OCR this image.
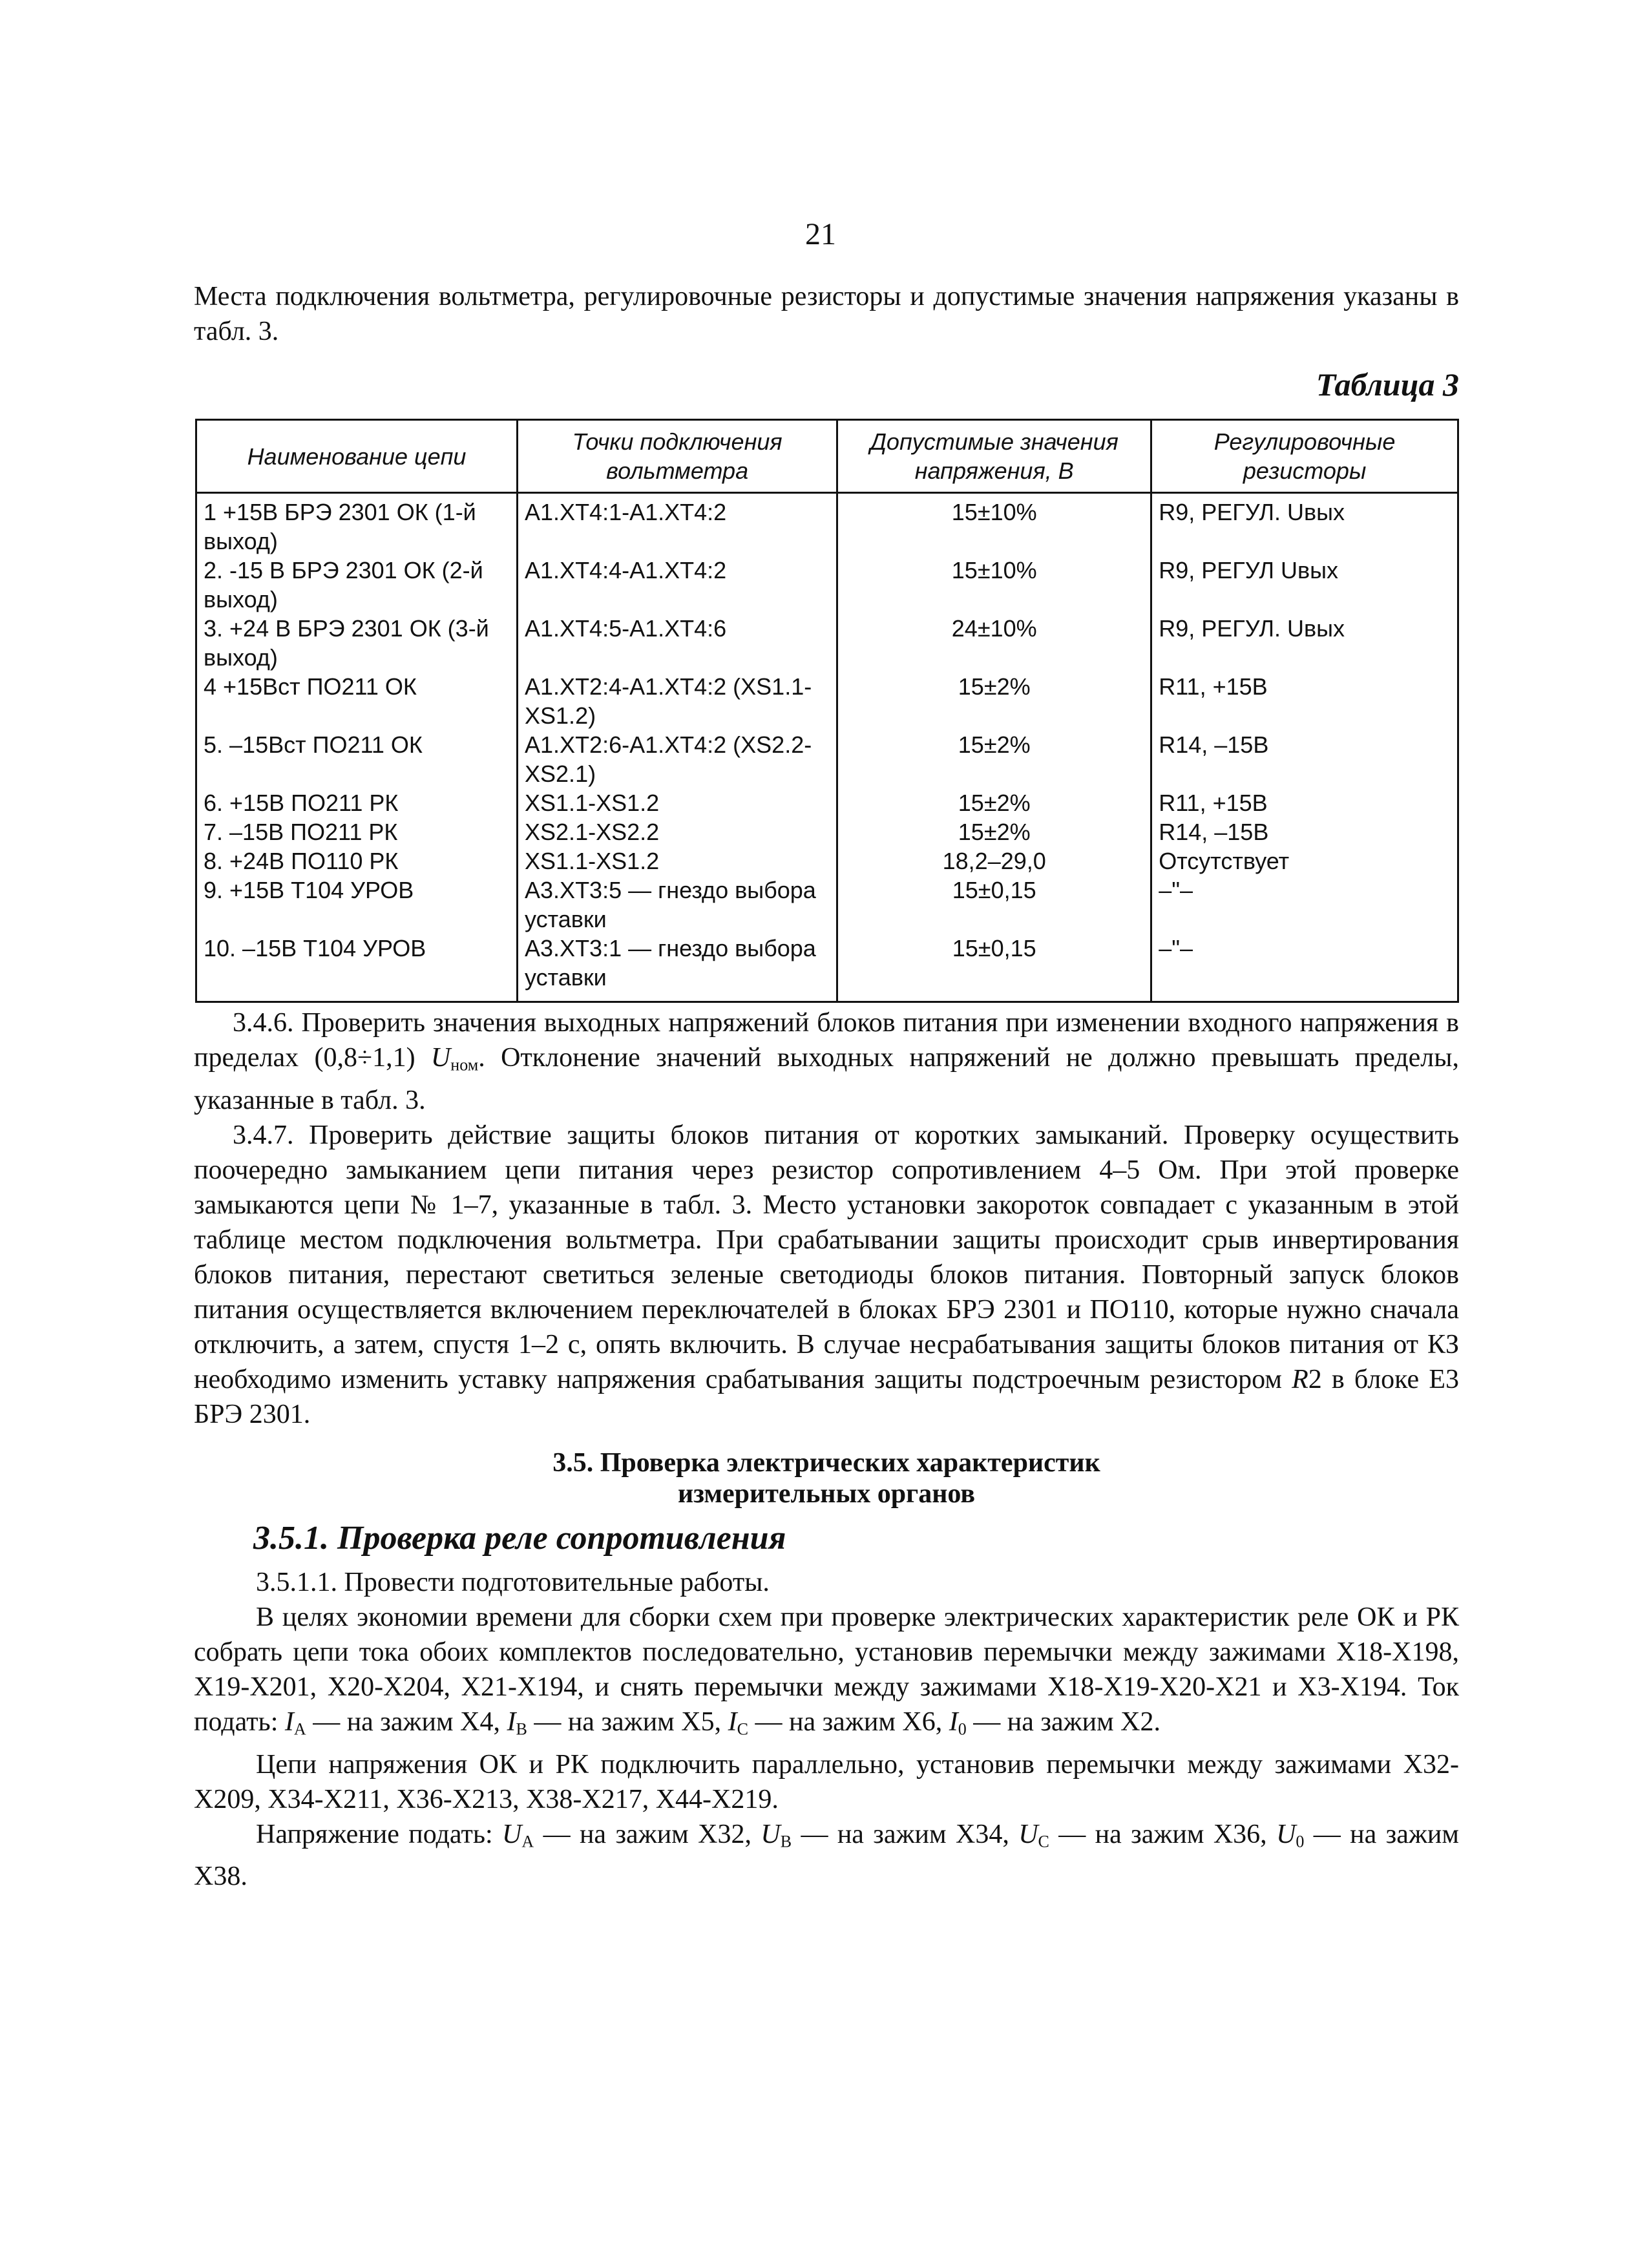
21
Места подключения вольтметра, регулировочные резисторы и допустимые значения напряжения указаны в табл. 3.
Таблица 3
Наименование цепи	Точки подключения вольтметра	Допустимые значения напряжения, В	Регулировочные резисторы
1 +15В БРЭ 2301 ОК (1-й выход)	А1.ХТ4:1-А1.ХТ4:2	15±10%	R9, РЕГУЛ. Uвых
2. -15 В БРЭ 2301 ОК (2-й выход)	А1.ХТ4:4-А1.ХТ4:2	15±10%	R9, РЕГУЛ Uвых
3. +24 В БРЭ 2301 ОК (3-й выход)	А1.ХТ4:5-А1.ХТ4:6	24±10%	R9, РЕГУЛ. Uвых
4 +15Вст ПО211 ОК	А1.ХТ2:4-А1.ХТ4:2 (XS1.1-XS1.2)	15±2%	R11, +15В
5. –15Вст ПО211 ОК	А1.ХТ2:6-А1.ХТ4:2 (XS2.2-XS2.1)	15±2%	R14, –15В
6. +15В ПО211 РК	XS1.1-XS1.2	15±2%	R11, +15В
7. –15В ПО211 РК	XS2.1-XS2.2	15±2%	R14, –15В
8. +24В ПО110 РК	XS1.1-XS1.2	18,2–29,0	Отсутствует
9. +15В Т104 УРОВ	А3.ХТ3:5 — гнездо выбора уставки	15±0,15	–"–
10. –15В Т104 УРОВ	А3.ХТ3:1 — гнездо выбора уставки	15±0,15	–"–

3.4.6. Проверить значения выходных напряжений блоков питания при изменении входного напряжения в пределах (0,8÷1,1) $U_{ном}$. Отклонение значений выходных напряжений не должно превышать пределы, указанные в табл. 3.

3.4.7. Проверить действие защиты блоков питания от коротких замыканий. Проверку осуществить поочередно замыканием цепи питания через резистор сопротивлением 4–5 Ом. При этой проверке замыкаются цепи № 1–7, указанные в табл. 3. Место установки закороток совпадает с указанным в этой таблице местом подключения вольтметра. При срабатывании защиты происходит срыв инвертирования блоков питания, перестают светиться зеленые светодиоды блоков питания. Повторный запуск блоков питания осуществляется включением переключателей в блоках БРЭ 2301 и ПО110, которые нужно сначала отключить, а затем, спустя 1–2 с, опять включить. В случае несрабатывания защиты блоков питания от КЗ необходимо изменить уставку напряжения срабатывания защиты подстроечным резистором R2 в блоке Е3 БРЭ 2301.

3.5. Проверка электрических характеристик
измерительных органов
3.5.1. Проверка реле сопротивления

3.5.1.1. Провести подготовительные работы.

В целях экономии времени для сборки схем при проверке электрических характеристик реле ОК и РК собрать цепи тока обоих комплектов последовательно, установив перемычки между зажимами Х18-Х198, Х19-Х201, Х20-Х204, Х21-Х194, и снять перемычки между зажимами Х18-Х19-Х20-Х21 и Х3-Х194. Ток подать: $I_A$ — на зажим Х4, $I_B$ — на зажим Х5, $I_C$ — на зажим Х6, $I_0$ — на зажим Х2.

Цепи напряжения ОК и РК подключить параллельно, установив перемычки между зажимами Х32-Х209, Х34-Х211, Х36-Х213, Х38-Х217, Х44-Х219.

Напряжение подать: $U_A$ — на зажим Х32, $U_B$ — на зажим Х34, $U_C$ — на зажим Х36, $U_0$ — на зажим Х38.
